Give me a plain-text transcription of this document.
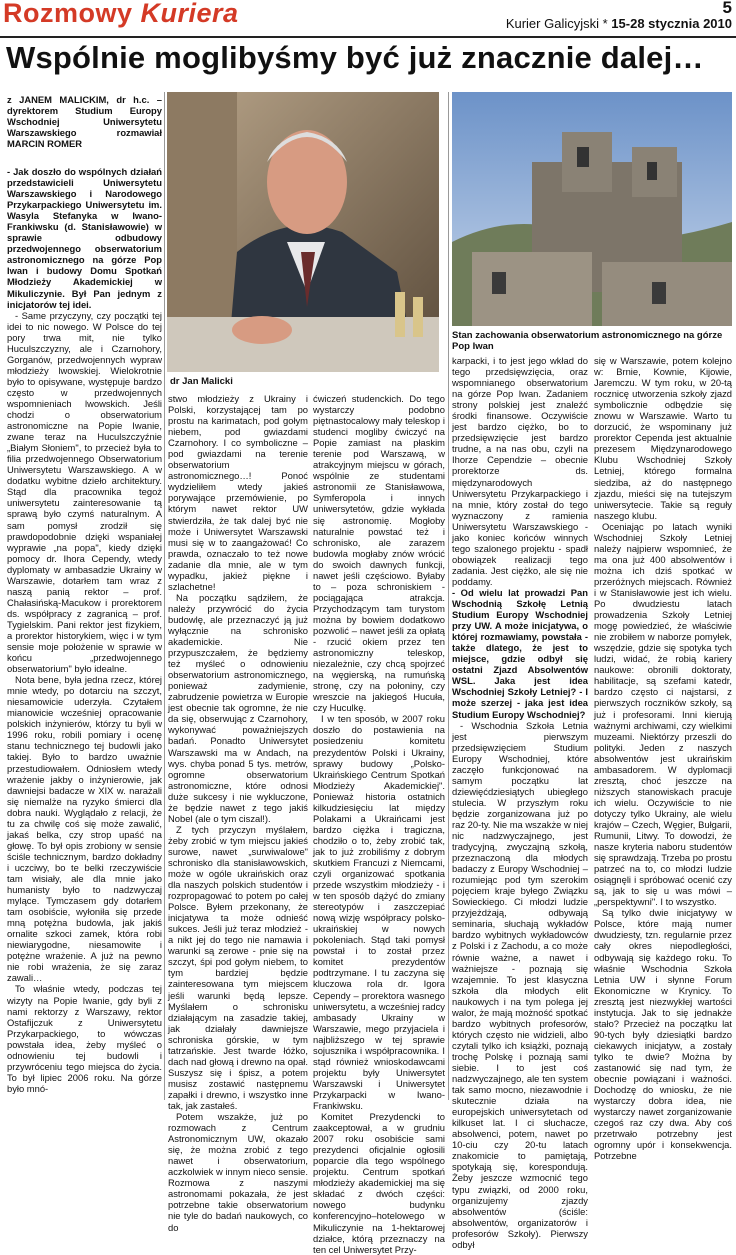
Rozmowy Kuriera	5
Kurier Galicyjski * 15-28 stycznia 2010
Wspólnie moglibyśmy być już znacznie dalej…

z JANEM MALICKIM, dr h.c. – dyrektorem Studium Europy Wschodniej Uniwersytetu Warszawskiego rozmawiał MARCIN ROMER

dr Jan Malicki
Stan zachowania obserwatorium astronomicznego na górze Pop Iwan

- Jak doszło do wspólnych działań przedstawicieli Uniwersytetu Warszawskiego i Narodowego Przykarpackiego Uniwersytetu im. Wasyla Stefanyka w Iwano-Frankiwsku (d. Stanisławowie) w sprawie odbudowy przedwojennego obserwatorium astronomicznego na górze Pop Iwan i budowy Domu Spotkań Młodzieży Akademickiej w Mikuliczynie. Był Pan jednym z inicjatorów tej idei.

- Same przyczyny, czy początki tej idei to nic nowego. W Polsce do tej pory trwa mit, nie tylko Huculszczyzny, ale i Czarnohory, Gorganów, przedwojennych wypraw młodzieży lwowskiej. Wielokrotnie było to opisywane, występuje bardzo często w przedwojennych wspomnieniach lwowskich. Jeśli chodzi o obserwatorium astronomiczne na Popie Iwanie, zwane teraz na Huculszczyźnie „Białym Słoniem", to przecież była to filia przedwojennego Obserwatorium Uniwersytetu Warszawskiego. A w dodatku wybitne dzieło architektury. Stąd dla pracownika tegoż uniwersytetu zainteresowanie tą sprawą było czymś naturalnym. A sam pomysł zrodził się prawdopodobnie dzięki wspaniałej wyprawie „na popa", kiedy dzięki pomocy dr. Ihora Cependy, wtedy dyplomaty w ambasadzie Ukrainy w Warszawie, dotarłem tam wraz z naszą panią rektor – prof. Chałasińską-Macukow i prorektorem ds. współpracy z zagranicą – prof. Tygielskim. Pani rektor jest fizykiem, a prorektor historykiem, więc i w tym sensie moje położenie w sprawie w końcu „przedwojennego obserwatorium" było idealne.

Nota bene, była jedna rzecz, której mnie wtedy, po dotarciu na szczyt, niesamowicie uderzyła. Czytałem mianowicie wcześniej opracowanie polskich inżynierów, którzy tu byli w 1996 roku, robili pomiary i ocenę stanu technicznego tej budowli jako takiej. Było to bardzo uważnie przestudiowałem. Odniosłem wtedy wrażenie jakby o inżynierowie, jak dawniejsi badacze w XIX w. narażali się niemalże na ryzyko śmierci dla dobra nauki. Wyglądało z relacji, że tu za chwilę coś się może zawalić, jakaś belka, czy strop upaść na głowę. To był opis zrobiony w sensie ściśle technicznym, bardzo dokładny i uczciwy, bo te belki rzeczywiście tam wisiały, ale dla mnie jako humanisty było to nadzwyczaj mylące. Tymczasem gdy dotarłem tam osobiście, wyłoniła się przede mną potężna budowla, jak jakiś ornalite szkoci zamek, która robi niewiarygodne, niesamowite i potężne wrażenie. A już na pewno nie robi wrażenia, że się zaraz zawali…

To właśnie wtedy, podczas tej wizyty na Popie Iwanie, gdy byli z nami rektorzy z Warszawy, rektor Ostafijczuk z Uniwersytetu Przykarpackiego, to wówczas powstała idea, żeby myśleć o odnowieniu tej budowli i przywróceniu tego miejsca do życia. To był lipiec 2006 roku. Na górze było mnó-

stwo młodzieży z Ukrainy i Polski, korzystającej tam po prostu na karimatach, pod gołym niebem, pod gwiazdami Czarnohory. I co symboliczne – pod gwiazdami na terenie obserwatorium astronomicznego…! Ponoć wydzieliłem wtedy jakieś porywające przemówienie, po którym nawet rektor UW stwierdziła, że tak dalej być nie może i Uniwersytet Warszawski musi się w to zaangażować! Co prawda, oznaczało to też nowe zadanie dla mnie, ale w tym wypadku, jakież piękne i szlachetne!

Na początku sądziłem, że należy przywrócić do życia budowlę, ale przeznaczyć ją już wyłącznie na schronisko akademickie. Nie przypuszczałem, że będziemy też myśleć o odnowieniu obserwatorium astronomicznego, ponieważ zadymienie, zabrudzenie powietrza w Europie jest obecnie tak ogromne, że nie da się, obserwując z Czarnohory, wykonywać poważniejszych badań. Ponadto Uniwersytet Warszawski ma w Andach, na wys. chyba ponad 5 tys. metrów, ogromne obserwatorium astronomiczne, które odnosi duże sukcesy i nie wykluczone, że będzie nawet z tego jakiś Nobel (ale o tym ciszal!).

Z tych przyczyn myślałem, żeby zrobić w tym miejscu jakieś surowe, nawet „surwiwalowe" schronisko dla stanisławowskich, może w ogóle ukraińskich oraz dla naszych polskich studentów i rozpropagować to potem po całej Polsce. Byłem przekonany, że inicjatywa ta może odnieść sukces. Jeśli już teraz młodzież - a nikt jej do tego nie namawia i warunki są zerowe - pnie się na szczyt, śpi pod gołym niebem, to tym bardziej będzie zainteresowana tym miejscem jeśli warunki będą lepsze. Myślałem o schronisku działającym na zasadzie takiej, jak działały dawniejsze schroniska górskie, w tym tatrzańskie. Jest twarde łóżko, dach nad głową i drewno na opał. Suszysz się i śpisz, a potem musisz zostawić następnemu zapałki i drewno, i wszystko inne tak, jak zastałeś.

Potem wszakże, już po rozmowach z Centrum Astronomicznym UW, okazało się, że można zrobić z tego nawet i obserwatorium, aczkolwiek w innym nieco sensie. Rozmowa z naszymi astronomami pokazała, że jest potrzebne takie obserwatorium nie tyle do badań naukowych, co do

ćwiczeń studenckich. Do tego wystarczy podobno piętnastocalowy mały teleskop i studenci mogliby ćwiczyć na Popie zamiast na płaskim terenie pod Warszawą, w atrakcyjnym miejscu w górach, wspólnie ze studentami astronomii ze Stanisławowa, Symferopola i innych uniwersytetów, gdzie wykłada się astronomię. Mogłoby naturalnie powstać też i schronisko, ale zarazem budowla mogłaby znów wrócić do swoich dawnych funkcji, nawet jeśli częściowo. Byłaby to – poza schroniskiem - pociągająca atrakcja. Przychodzącym tam turystom można by bowiem dodatkowo pozwolić – nawet jeśli za opłatą - rzucić okiem przez ten astronomiczny teleskop, niezależnie, czy chcą spojrzeć na węgierską, na rumuńską stronę, czy na połoniny, czy wreszcie na jakiegoś Hucuła, czy Huculkę.

I w ten sposób, w 2007 roku doszło do postawienia na posiedzeniu komitetu prezydentów Polski i Ukrainy, sprawy budowy „Polsko-Ukraińskiego Centrum Spotkań Młodzieży Akademickiej". Ponieważ historia ostatnich kilkudziesięciu lat między Polakami a Ukraińcami jest bardzo ciężka i tragiczna, chodziło o to, żeby zrobić tak, jak to już zrobiliśmy z dobrym skutkiem Francuzi z Niemcami, czyli organizować spotkania przede wszystkim młodzieży - i w ten sposób dążyć do zmiany stereotypów i zaszczepiać nową wizję współpracy polsko-ukraińskiej w nowych pokoleniach. Stąd taki pomysł powstał i to został przez komitet prezydentów podtrzymane. I tu zaczyna się kluczowa rola dr. Igora Cependy – prorektora wasnego uniwersytetu, a wcześniej radcy ambasady Ukrainy w Warszawie, mego przyjaciela i najbliższego w tej sprawie sojusznika i współpracownika. I stąd również wnioskodawcami projektu były Uniwersytet Warszawski i Uniwersytet Przykarpacki w Iwano-Frankiwsku.

Komitet Prezydencki to zaakceptował, a w grudniu 2007 roku osobiście sami prezydenci oficjalnie ogłosili poparcie dla tego wspólnego projektu. Centrum spotkań młodzieży akademickiej ma się składać z dwóch części: nowego budynku konferencyjno–hotelowego w Mikuliczynie na 1-hektarowej działce, którą przeznaczy na ten cel Uniwersytet Przy-

karpacki, i to jest jego wkład do tego przedsięwzięcia, oraz wspomnianego obserwatorium na górze Pop Iwan. Zadaniem strony polskiej jest znaleźć środki finansowe. Oczywiście jest bardzo ciężko, bo to przedsięwzięcie jest bardzo trudne, a na nas obu, czyli na Ihorze Cependzie – obecnie prorektorze ds. międzynarodowych Uniwersytetu Przykarpackiego i na mnie, który został do tego wyznaczony z ramienia Uniwersytetu Warszawskiego - jako koniec końców winnych tego szalonego projektu - spadł obowiązek realizacji tego zadania. Jest ciężko, ale się nie poddamy.

- Od wielu lat prowadzi Pan Wschodnią Szkołę Letnią Studium Europy Wschodniej przy UW. A może inicjatywa, o której rozmawiamy, powstała - także dlatego, że jest to miejsce, gdzie odbył się ostatni Zjazd Absolwentów WSL. Jaka jest idea Wschodniej Szkoły Letniej? - I może szerzej - jaka jest idea Studium Europy Wschodniej?

- Wschodnia Szkoła Letnia jest pierwszym przedsięwzięciem Studium Europy Wschodniej, które zaczęło funkcjonować na samym początku lat dziewięćdziesiątych ubiegłego stulecia. W przyszłym roku będzie zorganizowana już po raz 20-ty. Nie ma wszakże w niej nic nadzwyczajnego, jest tradycyjną, zwyczajną szkołą, przeznaczoną dla młodych badaczy z Europy Wschodniej – rozumiejąc pod tym szerokim pojęciem kraje byłego Związku Sowieckiego. Ci młodzi ludzie przyjeżdżają, odbywają seminaria, słuchają wykładów bardzo wybitnych wykładowców z Polski i z Zachodu, a co może równie ważne, a nawet i ważniejsze - poznają się wzajemnie. To jest klasyczna szkoła dla młodych elit naukowych i na tym polega jej walor, że mają możność spotkać bardzo wybitnych profesorów, których często nie widzieli, albo czytali tylko ich książki, poznają trochę Polskę i poznają sami siebie. I to jest coś nadzwyczajnego, ale ten system tak samo mocno, niezawodnie i skutecznie działa na europejskich uniwersytetach od kilkuset lat. I ci słuchacze, absolwenci, potem, nawet po 10-ciu czy 20-tu latach znakomicie to pamiętają, spotykają się, korespondują. Żeby jeszcze wzmocnić tego typu związki, od 2000 roku, organizujemy zjazdy absolwentów (ściśle: absolwentów, organizatorów i profesorów Szkoły). Pierwszy odbył

się w Warszawie, potem kolejno w: Brnie, Kownie, Kijowie, Jaremczu. W tym roku, w 20-tą rocznicę utworzenia szkoły zjazd symbolicznie odbędzie się znowu w Warszawie. Warto tu dorzucić, że wspominany już prorektor Cependa jest aktualnie prezesem Międzynarodowego Klubu Wschodniej Szkoły Letniej, którego formalna siedziba, aż do następnego zjazdu, mieści się na tutejszym uniwersytecie. Takie są reguły naszego klubu.

Oceniając po latach wyniki Wschodniej Szkoły Letniej należy najpierw wspomnieć, że ma ona już 400 absolwentów i można ich dziś spotkać w przeróżnych miejscach. Również i w Stanisławowie jest ich wielu. Po dwudziestu latach prowadzenia Szkoły Letniej mogę powiedzieć, że właściwie nie zrobiłem w naborze pomyłek, wszędzie, gdzie się spotyka tych ludzi, widać, że robią kariery naukowe: obronili doktoraty, habilitacje, są szefami katedr, bardzo często ci najstarsi, z pierwszych roczników szkoły, są już i profesorami. Inni kierują ważnymi archiwami, czy wielkimi muzeami. Niektórzy przeszli do polityki. Jeden z naszych absolwentów jest ukraińskim ambasadorem. W dyplomacji zresztą, choć jeszcze na niższych stanowiskach pracuje ich wielu. Oczywiście to nie dotyczy tylko Ukrainy, ale wielu krajów – Czech, Węgier, Bułgarii, Rumunii, Litwy. To dowodzi, że nasze kryteria naboru studentów się sprawdzają. Trzeba po prostu patrzeć na to, co młodzi ludzie osiągnęli i spróbować ocenić czy są, jak to się u was mówi – „perspektywni". I to wszystko.

Są tylko dwie inicjatywy w Polsce, które mają numer dwudziesty, tzn. regularnie przez cały okres niepodległości, odbywają się każdego roku. To właśnie Wschodnia Szkoła Letnia UW i słynne Forum Ekonomiczne w Krynicy. To zresztą jest niezwykłej wartości instytucja. Jak to się jednakże stało? Przecież na początku lat 90-tych były dziesiątki bardzo ciekawych inicjatyw, a zostały tylko te dwie? Można by zastanowić się nad tym, że obecnie powiązani i ważności. Dochodzę do wniosku, że nie wystarczy dobra idea, nie wystarczy nawet zorganizowanie czegoś raz czy dwa. Aby coś przetrwało potrzebny jest ogromny upór i konsekwencja. Potrzebne
